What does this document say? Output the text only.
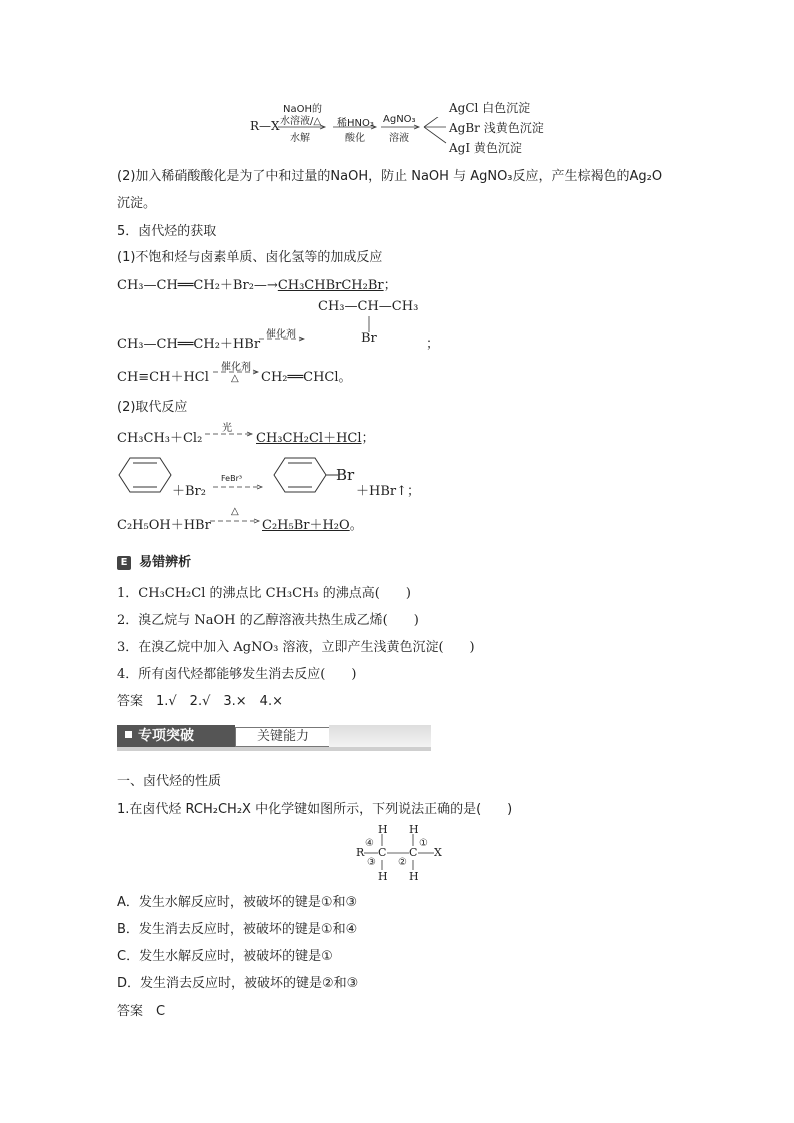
R—X
NaOH的
水溶液/△
水解
稀HNO₃
酸化
AgNO₃
溶液
AgCl 白色沉淀
AgBr 浅黄色沉淀
AgI 黄色沉淀
(2)加入稀硝酸酸化是为了中和过量的NaOH，防止 NaOH 与 AgNO₃反应，产生棕褐色的Ag₂O
沉淀。
5．卤代烃的获取
(1)不饱和烃与卤素单质、卤化氢等的加成反应
CH₃—CH══CH₂＋Br₂—→CH₃CHBrCH₂Br；
CH₃—CH—CH₃
Br
CH₃—CH══CH₂＋HBr
催化剂
；
CH≡CH＋HCl
催化剂
△ CH₂══CHCl。
(2)取代反应
CH₃CH₃＋Cl₂
光
CH₃CH₂Cl＋HCl；
＋Br₂
FeBr³	Br
＋HBr↑；
C₂H₅OH＋HBr
△
C₂H₅Br＋H₂O。
E 易错辨析
1．CH₃CH₂Cl 的沸点比 CH₃CH₃ 的沸点高(　　)
2．溴乙烷与 NaOH 的乙醇溶液共热生成乙烯(　　)
3．在溴乙烷中加入 AgNO₃ 溶液，立即产生浅黄色沉淀(　　)
4．所有卤代烃都能够发生消去反应(　　)
答案　1.√　2.√　3.×　4.×
专项突破	关键能力
一、卤代烃的性质
1.在卤代烃 RCH₂CH₂X 中化学键如图所示，下列说法正确的是(　　)
H H
R C C X
H H
④
③ ②
①
A．发生水解反应时，被破坏的键是①和③
B．发生消去反应时，被破坏的键是①和④
C．发生水解反应时，被破坏的键是①
D．发生消去反应时，被破坏的键是②和③
答案　C
